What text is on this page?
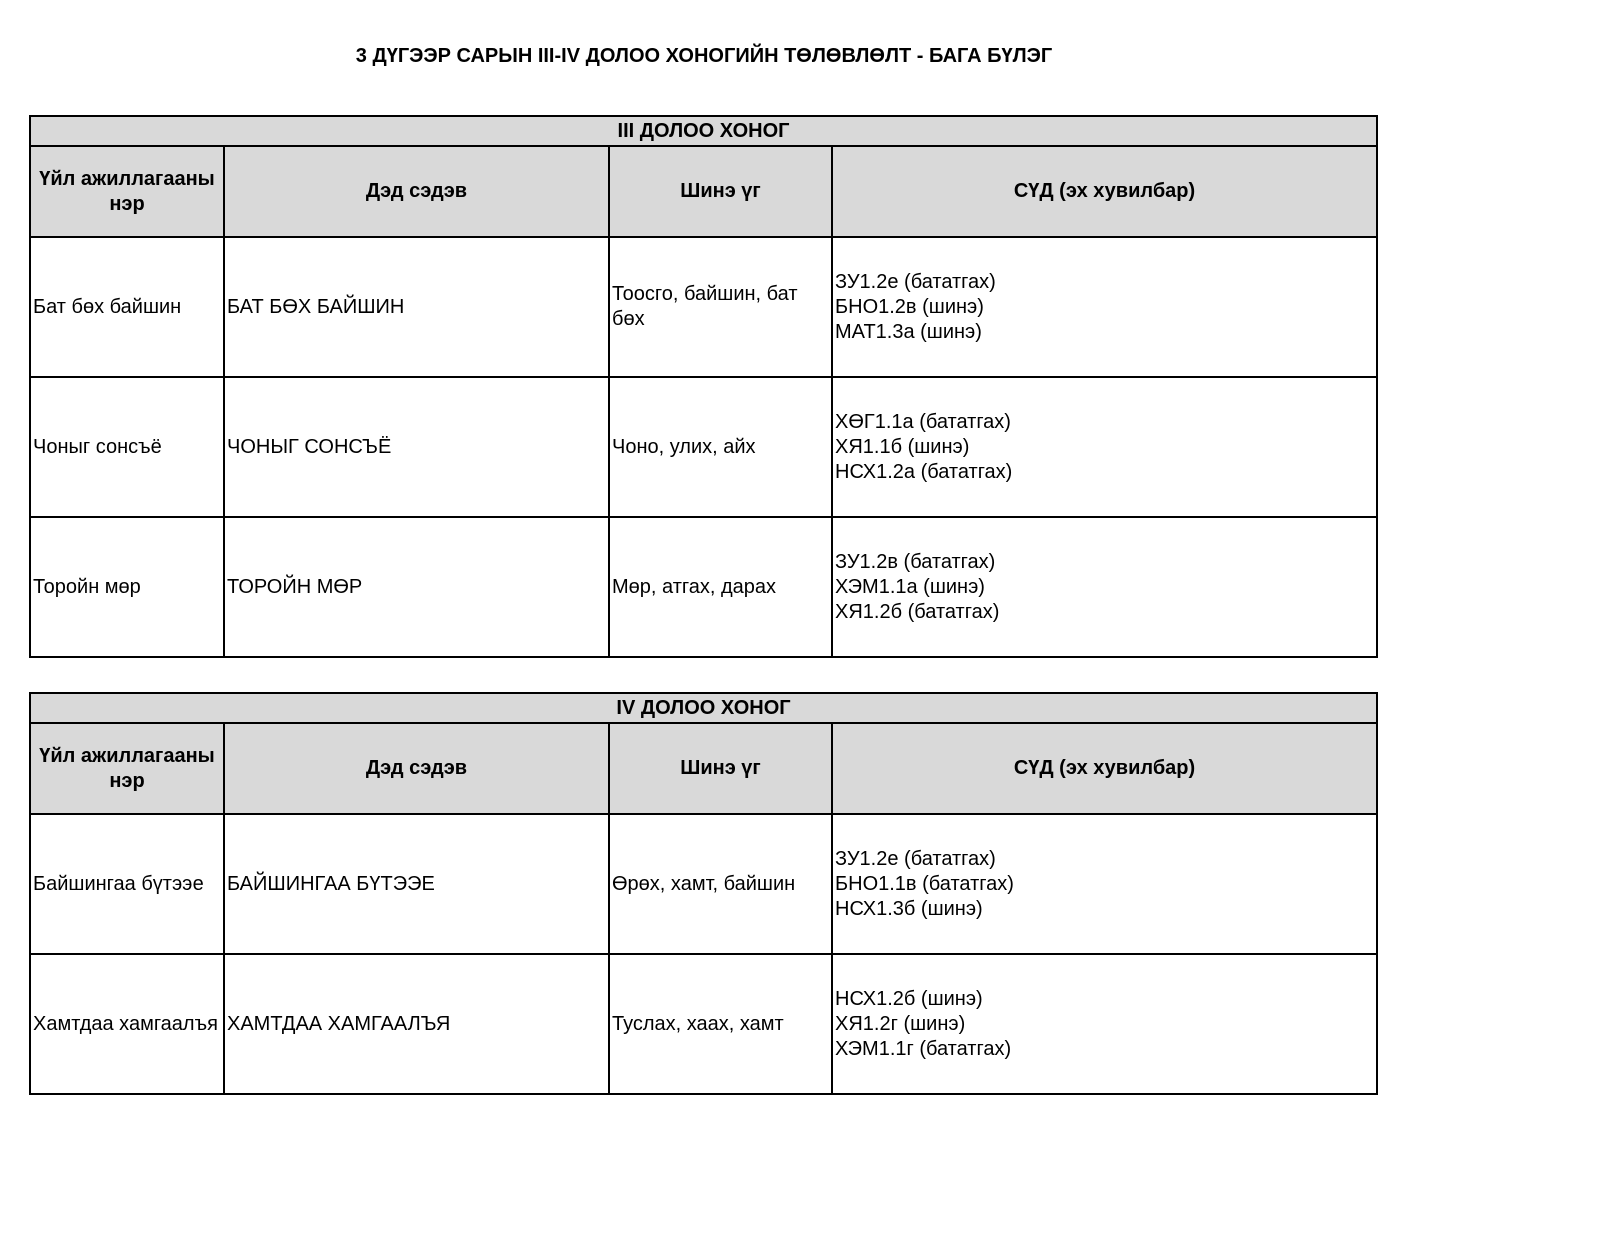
3 ДҮГЭЭР САРЫН III-IV ДОЛОО ХОНОГИЙН ТӨЛӨВЛӨЛТ - БАГА БҮЛЭГ
III ДОЛОО ХОНОГ			
Үйл ажиллагааны нэр	Дэд сэдэв	Шинэ үг	СҮД (эх хувилбар)
Бат бөх байшин	БАТ БӨХ БАЙШИН	Тоосго, байшин, бат бөх	ЗУ1.2е (бататгах)
БНО1.2в (шинэ)
МАТ1.3а (шинэ)

Чоныг сонсъё	ЧОНЫГ СОНСЪЁ	Чоно, улих, айх	ХӨГ1.1а (бататгах)
ХЯ1.1б (шинэ)
НСХ1.2а (бататгах)

Торойн мөр	ТОРОЙН МӨР	Мөр, атгах, дарах	ЗУ1.2в (бататгах)
ХЭМ1.1а (шинэ)
ХЯ1.2б (бататгах)
IV ДОЛОО ХОНОГ			
Үйл ажиллагааны нэр	Дэд сэдэв	Шинэ үг	СҮД (эх хувилбар)
Байшингаа бүтээе	БАЙШИНГАА БҮТЭЭЕ	Өрөх, хамт, байшин	ЗУ1.2е (бататгах)
БНО1.1в (бататгах)
НСХ1.3б (шинэ)

Хамтдаа хамгаалъя	ХАМТДАА ХАМГААЛЪЯ	Туслах, хаах, хамт	НСХ1.2б (шинэ)
ХЯ1.2г (шинэ)
ХЭМ1.1г (бататгах)
